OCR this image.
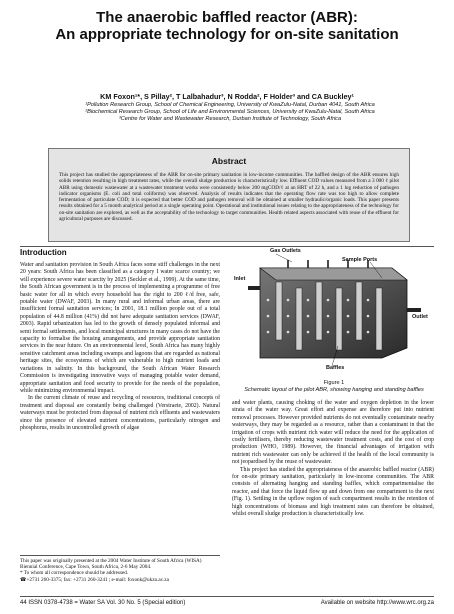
The anaerobic baffled reactor (ABR):
An appropriate technology for on-site sanitation
KM Foxon¹*, S Pillay², T Lalbahadur³, N Rodda², F Holder³ and CA Buckley¹
¹Pollution Research Group, School of Chemical Engineering, University of KwaZulu-Natal, Durban 4041, South Africa
²Biochemical Research Group, School of Life and Environmental Sciences, University of KwaZulu-Natal, South Africa
³Centre for Water and Wastewater Research, Durban Institute of Technology, South Africa
Abstract

This project has studied the appropriateness of the ABR for on-site primary sanitation in low-income communities. The baffled design of the ABR ensures high solids retention resulting in high treatment rates, while the overall sludge production is characteristically low. Effluent COD values measured from a 3 000 ℓ pilot ABR using domestic wastewater at a wastewater treatment works were consistently below 200 mgCOD/ℓ at an HRT of 22 h, and a 1 log reduction of pathogen indicator organisms (E. coli and total coliforms) was observed. Analysis of results indicates that the operating flow rate was too high to allow complete fermentation of particulate COD; it is expected that better COD and pathogen removal will be obtained at smaller hydraulic/organic loads. This paper presents results obtained for a 5 month analytical period at a single operating point. Operational and institutional issues relating to the appropriateness of the technology for on-site sanitation are explored, as well as the acceptability of the technology to target communities. Health related aspects associated with reuse of the effluent for agricultural purposes are discussed.

Introduction

Water and sanitation provision in South Africa faces some stiff challenges in the next 20 years: South Africa has been classified as a category I water scarce country; we will experience severe water scarcity by 2025 (Seckler et al., 1999). At the same time, the South African government is in the process of implementing a programme of free basic water for all in which every household has the right to 200 ℓ/d free, safe, potable water (DWAF, 2003). In many rural and informal urban areas, there are insufficient formal sanitation services; In 2001, 18.1 million people out of a total population of 44.8 million (41%) did not have adequate sanitation services (DWAF, 2003). Rapid urbanization has led to the growth of densely populated informal and semi formal settlements, and local municipal structures in many cases do not have the capacity to formalise the housing arrangements, and provide appropriate sanitation services in the near future. On an environmental level, South Africa has many highly sensitive catchment areas including swamps and lagoons that are regarded as national heritage sites, the ecosystems of which are vulnerable to high nutrient loads and variations in salinity. In this background, the South African Water Research Commission is investigating innovative ways of managing potable water demand, appropriate sanitation and food security to provide for the needs of the population, while minimizing environmental impact.

In the current climate of reuse and recycling of resources, traditional concepts of treatment and disposal are constantly being challenged (Verstraete, 2002). Natural waterways must be protected from disposal of nutrient rich effluents and wastewaters since the presence of elevated nutrient concentrations, particularly nitrogen and phosphorus, results in uncontrolled growth of algae

This paper was originally presented at the 2004 Water Institute of South Africa (WISA) Biennial Conference, Cape Town, South Africa, 2-6 May 2004.
* To whom all correspondence should be addressed.
☎+2731 260-3375; fax: +2731 260-3241 ; e-mail: foxonk@ukzn.ac.za
Gas Outlets
Sample Ports
Inlet
Outlet
Baffles
Figure 1
Schematic layout of the pilot ABR, showing hanging and standing baffles

and water plants, causing choking of the water and oxygen depletion in the lower strata of the water way. Great effort and expense are therefore put into nutrient removal processes. However provided nutrients do not eventually contaminate nearby waterways, they may be regarded as a resource, rather than a contaminant in that the irrigation of crops with nutrient rich water will reduce the need for the application of costly fertilisers, thereby reducing wastewater treatment costs, and the cost of crop production (WHO, 1989). However, the financial advantages of irrigation with nutrient rich wastewater can only be achieved if the health of the local community is not jeopardised by the reuse of wastewater.

This project has studied the appropriateness of the anaerobic baffled reactor (ABR) for on-site primary sanitation, particularly in low-income communities. The ABR consists of alternating hanging and standing baffles, which compartmentalise the reactor, and that force the liquid flow up and down from one compartment to the next (Fig. 1). Settling in the upflow region of each compartment results in the retention of high concentrations of biomass and high treatment rates can therefore be obtained, whilst overall sludge production is characteristically low.

44 ISSN 0378-4738 = Water SA Vol. 30 No. 5 (Special edition)	Available on website http://www.wrc.org.za
